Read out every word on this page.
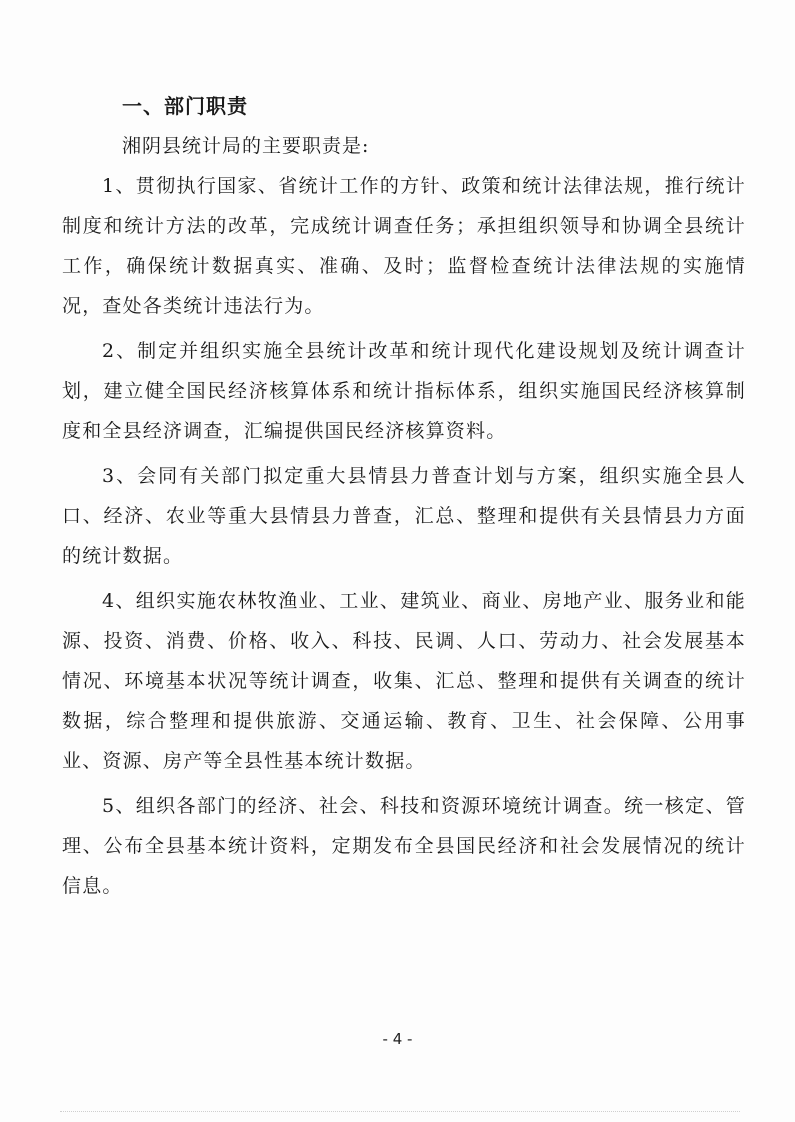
一、部门职责
湘阴县统计局的主要职责是:

1、贯彻执行国家、省统计工作的方针、政策和统计法律法规，推行统计制度和统计方法的改革，完成统计调查任务；承担组织领导和协调全县统计工作，确保统计数据真实、准确、及时；监督检查统计法律法规的实施情况，查处各类统计违法行为。

2、制定并组织实施全县统计改革和统计现代化建设规划及统计调查计划，建立健全国民经济核算体系和统计指标体系，组织实施国民经济核算制度和全县经济调查，汇编提供国民经济核算资料。

3、会同有关部门拟定重大县情县力普查计划与方案，组织实施全县人口、经济、农业等重大县情县力普查，汇总、整理和提供有关县情县力方面的统计数据。

4、组织实施农林牧渔业、工业、建筑业、商业、房地产业、服务业和能源、投资、消费、价格、收入、科技、民调、人口、劳动力、社会发展基本情况、环境基本状况等统计调查，收集、汇总、整理和提供有关调查的统计数据，综合整理和提供旅游、交通运输、教育、卫生、社会保障、公用事业、资源、房产等全县性基本统计数据。

5、组织各部门的经济、社会、科技和资源环境统计调查。统一核定、管理、公布全县基本统计资料，定期发布全县国民经济和社会发展情况的统计信息。

- 4 -
